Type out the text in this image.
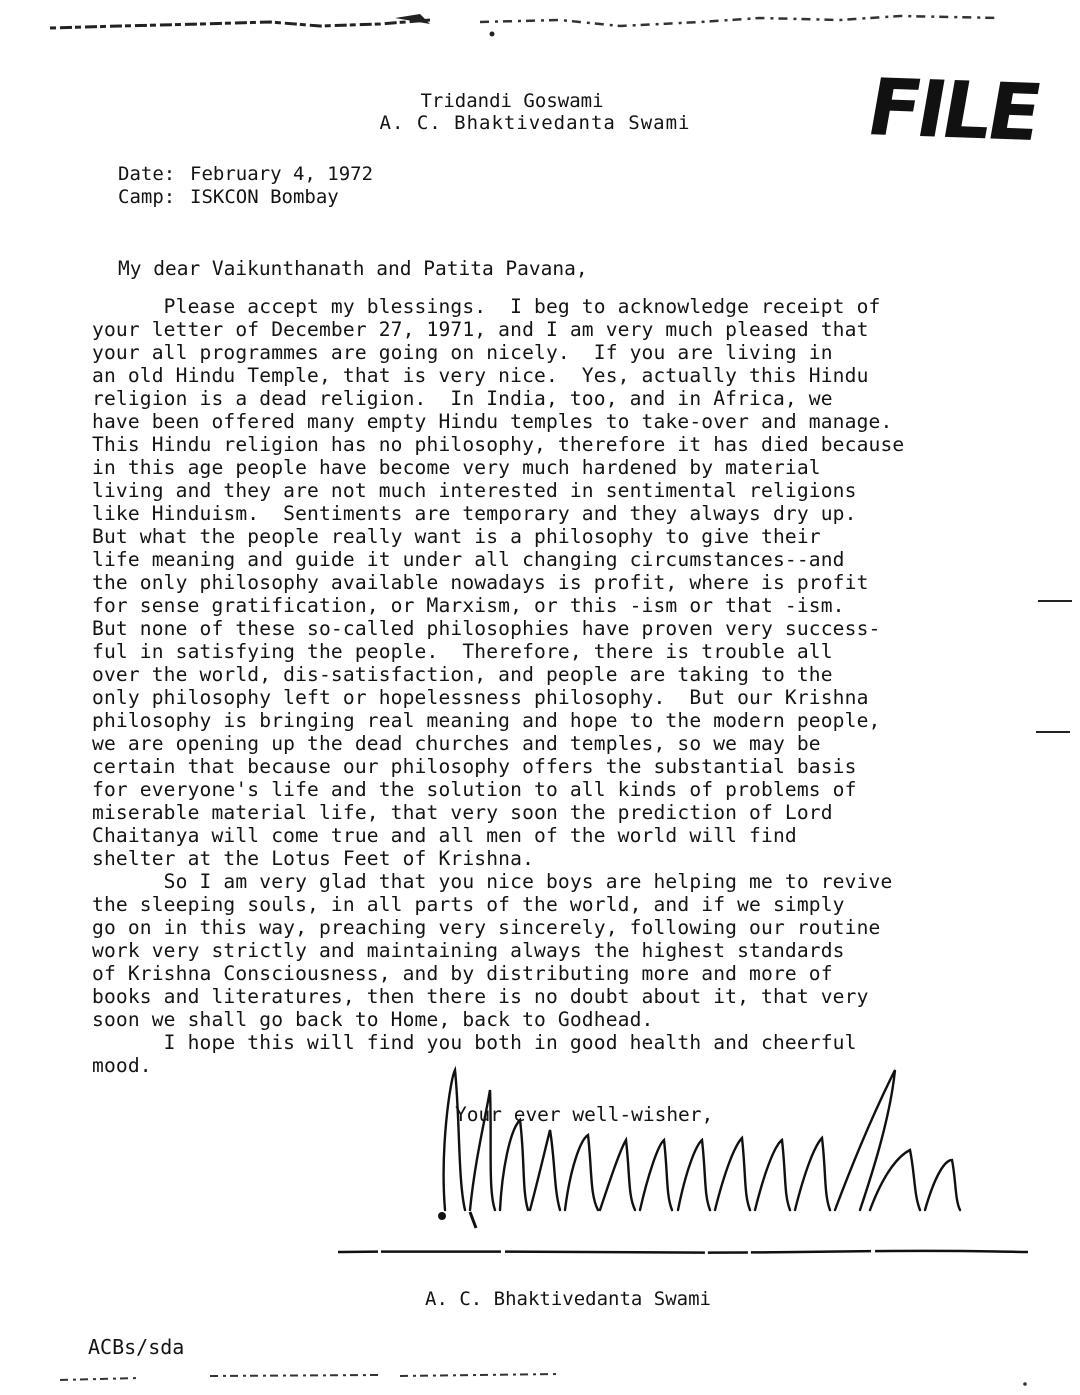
FILE
Tridandi Goswami
A. C. Bhaktivedanta Swami
Date: February 4, 1972
Camp: ISKCON Bombay
My dear Vaikunthanath and Patita Pavana,
Please accept my blessings.  I beg to acknowledge receipt of
your letter of December 27, 1971, and I am very much pleased that
your all programmes are going on nicely.  If you are living in
an old Hindu Temple, that is very nice.  Yes, actually this Hindu
religion is a dead religion.  In India, too, and in Africa, we
have been offered many empty Hindu temples to take-over and manage.
This Hindu religion has no philosophy, therefore it has died because
in this age people have become very much hardened by material
living and they are not much interested in sentimental religions
like Hinduism.  Sentiments are temporary and they always dry up.
But what the people really want is a philosophy to give their
life meaning and guide it under all changing circumstances--and
the only philosophy available nowadays is profit, where is profit
for sense gratification, or Marxism, or this -ism or that -ism.
But none of these so-called philosophies have proven very success-
ful in satisfying the people.  Therefore, there is trouble all
over the world, dis-satisfaction, and people are taking to the
only philosophy left or hopelessness philosophy.  But our Krishna
philosophy is bringing real meaning and hope to the modern people,
we are opening up the dead churches and temples, so we may be
certain that because our philosophy offers the substantial basis
for everyone's life and the solution to all kinds of problems of
miserable material life, that very soon the prediction of Lord
Chaitanya will come true and all men of the world will find
shelter at the Lotus Feet of Krishna.
So I am very glad that you nice boys are helping me to revive
the sleeping souls, in all parts of the world, and if we simply
go on in this way, preaching very sincerely, following our routine
work very strictly and maintaining always the highest standards
of Krishna Consciousness, and by distributing more and more of
books and literatures, then there is no doubt about it, that very
soon we shall go back to Home, back to Godhead.
I hope this will find you both in good health and cheerful
mood.
Your ever well-wisher,
A. C. Bhaktivedanta Swami
ACBs/sda
